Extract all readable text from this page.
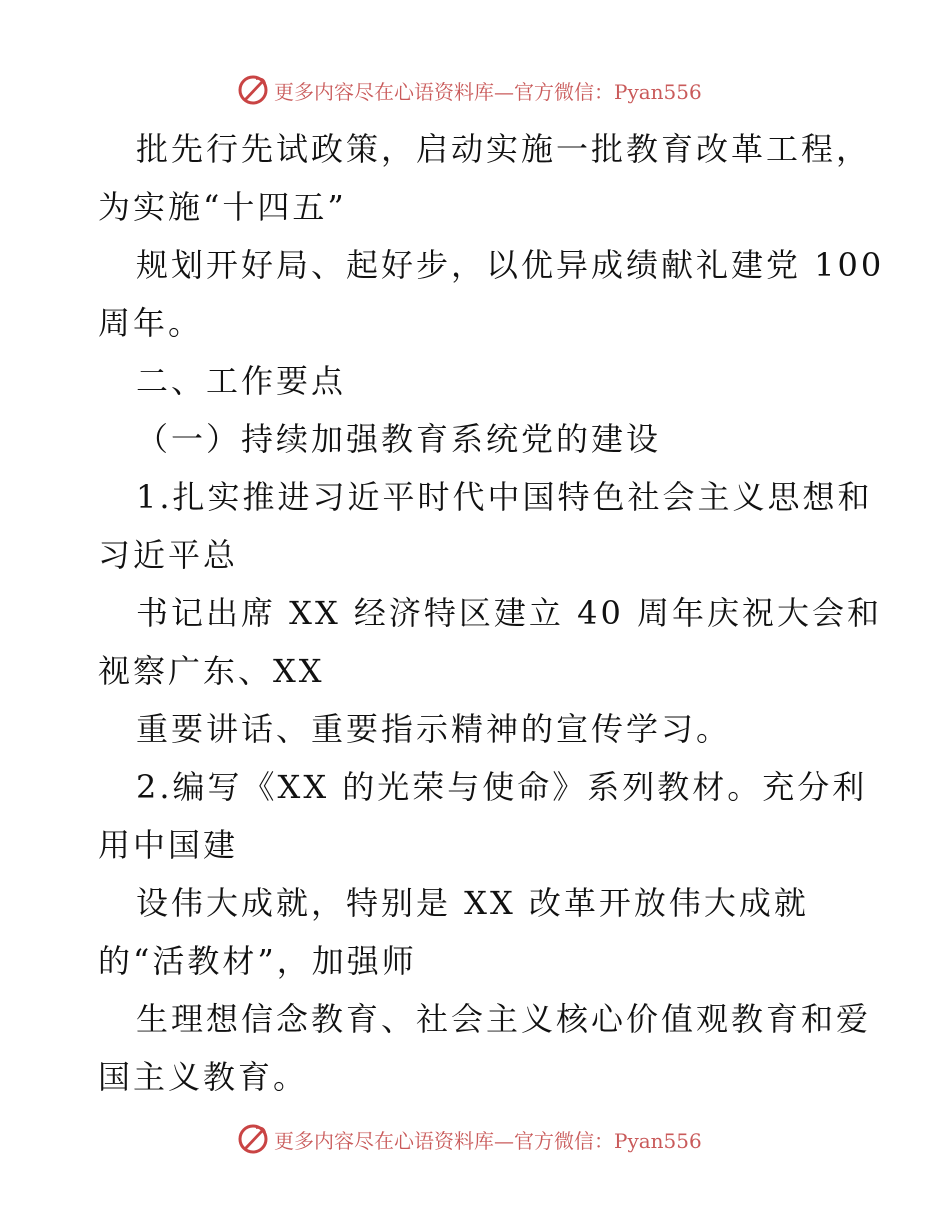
更多内容尽在心语资料库—官方微信：Pyan556
批先行先试政策，启动实施一批教育改革工程，
为实施“十四五”
规划开好局、起好步，以优异成绩献礼建党 100
周年。
二、工作要点
（一）持续加强教育系统党的建设
1.扎实推进习近平时代中国特色社会主义思想和
习近平总
书记出席 XX 经济特区建立 40 周年庆祝大会和
视察广东、XX
重要讲话、重要指示精神的宣传学习。
2.编写《XX 的光荣与使命》系列教材。充分利
用中国建
设伟大成就，特别是 XX 改革开放伟大成就
的“活教材”，加强师
生理想信念教育、社会主义核心价值观教育和爱
国主义教育。
更多内容尽在心语资料库—官方微信：Pyan556
